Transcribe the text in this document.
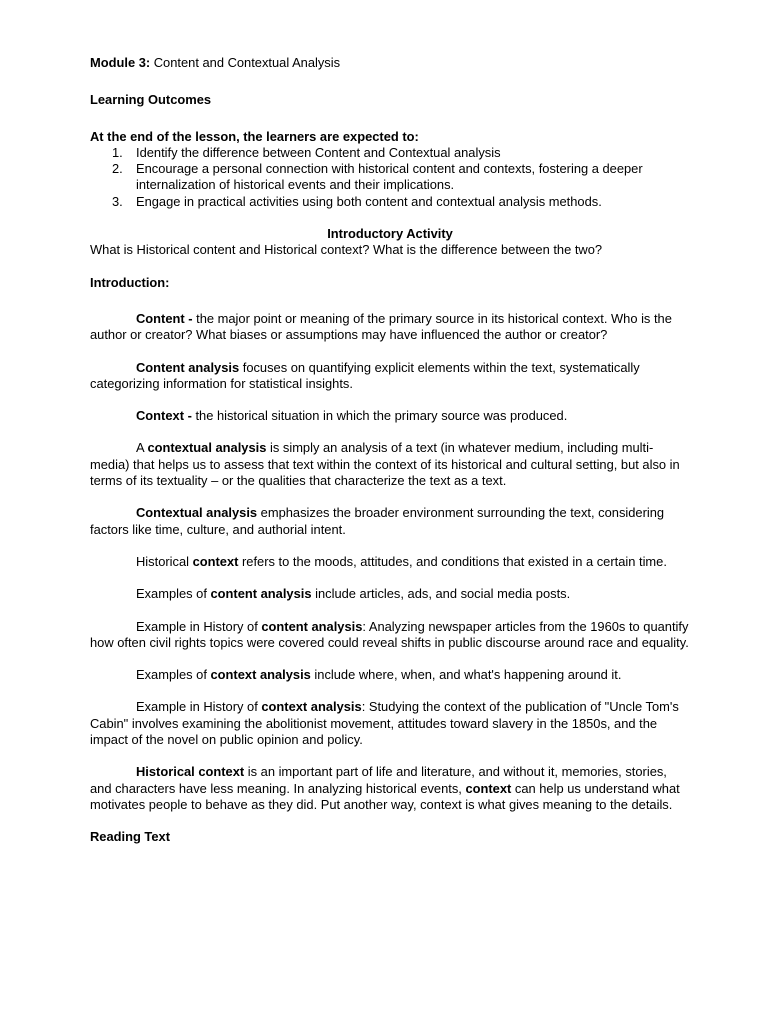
Module 3: Content and Contextual Analysis

Learning Outcomes

At the end of the lesson, the learners are expected to:

1. Identify the difference between Content and Contextual analysis
2. Encourage a personal connection with historical content and contexts, fostering a deeper internalization of historical events and their implications.
3. Engage in practical activities using both content and contextual analysis methods.

Introductory Activity

What is Historical content and Historical context? What is the difference between the two?

Introduction:

Content - the major point or meaning of the primary source in its historical context. Who is the author or creator? What biases or assumptions may have influenced the author or creator?

Content analysis focuses on quantifying explicit elements within the text, systematically categorizing information for statistical insights.

Context - the historical situation in which the primary source was produced.

A contextual analysis is simply an analysis of a text (in whatever medium, including multi-media) that helps us to assess that text within the context of its historical and cultural setting, but also in terms of its textuality – or the qualities that characterize the text as a text.

Contextual analysis emphasizes the broader environment surrounding the text, considering factors like time, culture, and authorial intent.

Historical context refers to the moods, attitudes, and conditions that existed in a certain time.

Examples of content analysis include articles, ads, and social media posts.

Example in History of content analysis: Analyzing newspaper articles from the 1960s to quantify how often civil rights topics were covered could reveal shifts in public discourse around race and equality.

Examples of context analysis include where, when, and what's happening around it.

Example in History of context analysis: Studying the context of the publication of "Uncle Tom's Cabin" involves examining the abolitionist movement, attitudes toward slavery in the 1850s, and the impact of the novel on public opinion and policy.

Historical context is an important part of life and literature, and without it, memories, stories, and characters have less meaning. In analyzing historical events, context can help us understand what motivates people to behave as they did. Put another way, context is what gives meaning to the details.

Reading Text
